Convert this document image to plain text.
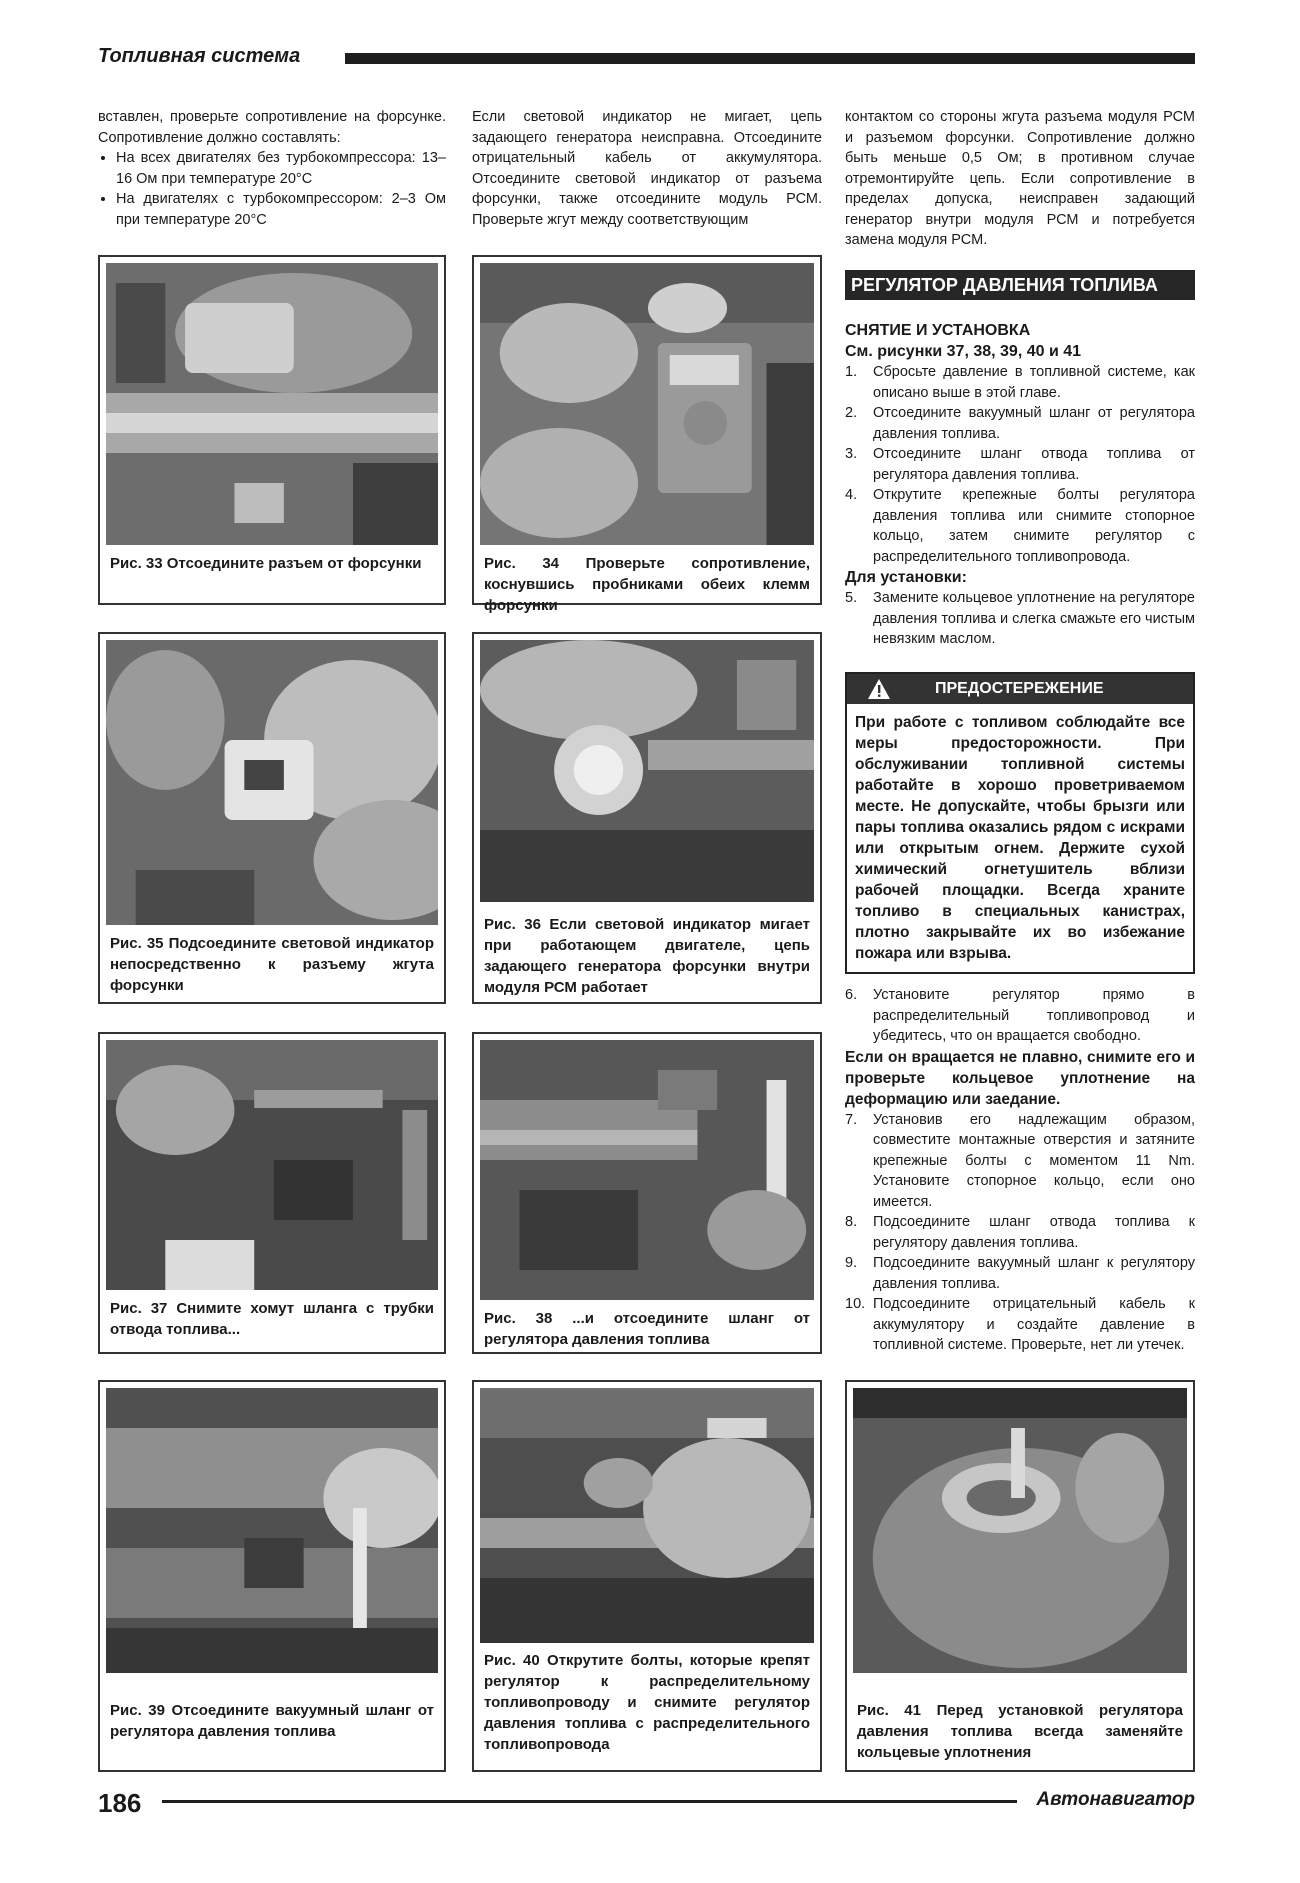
Топливная система

вставлен, проверьте сопротивление на форсунке. Сопротивление должно составлять:

• На всех двигателях без турбокомпрессора: 13–16 Ом при температуре 20°С
• На двигателях с турбокомпрессором: 2–3 Ом при температуре 20°С

Если световой индикатор не мигает, цепь задающего генератора неисправна. Отсоедините отрицательный кабель от аккумулятора. Отсоедините световой индикатор от разъема форсунки, также отсоедините модуль РСМ. Проверьте жгут между соответствующим

контактом со стороны жгута разъема модуля РСМ и разъемом форсунки. Сопротивление должно быть меньше 0,5 Ом; в противном случае отремонтируйте цепь. Если сопротивление в пределах допуска, неисправен задающий генератор внутри модуля РСМ и потребуется замена модуля РСМ.

Рис. 33 Отсоедините разъем от форсунки	Рис. 34 Проверьте сопротивление, коснувшись пробниками обеих клемм форсунки
Рис. 35 Подсоедините световой индикатор непосредственно к разъему жгута форсунки
Рис. 36 Если световой индикатор мигает при работающем двигателе, цепь задающего генератора форсунки внутри модуля РСМ работает
Рис. 37 Снимите хомут шланга с трубки отвода топлива...
Рис. 38 ...и отсоедините шланг от регулятора давления топлива
Рис. 39 Отсоедините вакуумный шланг от регулятора давления топлива
Рис. 40 Открутите болты, которые крепят регулятор к распределительному топливопроводу и снимите регулятор давления топлива с распределительного топливопровода
Рис. 41 Перед установкой регулятора давления топлива всегда заменяйте кольцевые уплотнения
РЕГУЛЯТОР ДАВЛЕНИЯ ТОПЛИВА
СНЯТИЕ И УСТАНОВКА
См. рисунки 37, 38, 39, 40 и 41
1. Сбросьте давление в топливной системе, как описано выше в этой главе.
2. Отсоедините вакуумный шланг от регулятора давления топлива.
3. Отсоедините шланг отвода топлива от регулятора давления топлива.
4. Открутите крепежные болты регулятора давления топлива или снимите стопорное кольцо, затем снимите регулятор с распределительного топливопровода.
Для установки:
5. Замените кольцевое уплотнение на регуляторе давления топлива и слегка смажьте его чистым невязким маслом.
ПРЕДОСТЕРЕЖЕНИЕ
При работе с топливом соблюдайте все меры предосторожности. При обслуживании топливной системы работайте в хорошо проветриваемом месте. Не допускайте, чтобы брызги или пары топлива оказались рядом с искрами или открытым огнем. Держите сухой химический огнетушитель вблизи рабочей площадки. Всегда храните топливо в специальных канистрах, плотно закрывайте их во избежание пожара или взрыва.
6. Установите регулятор прямо в распределительный топливопровод и убедитесь, что он вращается свободно.
Если он вращается не плавно, снимите его и проверьте кольцевое уплотнение на деформацию или заедание.
7. Установив его надлежащим образом, совместите монтажные отверстия и затяните крепежные болты с моментом 11 Nm. Установите стопорное кольцо, если оно имеется.
8. Подсоедините шланг отвода топлива к регулятору давления топлива.
9. Подсоедините вакуумный шланг к регулятору давления топлива.
10. Подсоедините отрицательный кабель к аккумулятору и создайте давление в топливной системе. Проверьте, нет ли утечек.
186	Автонавигатор
